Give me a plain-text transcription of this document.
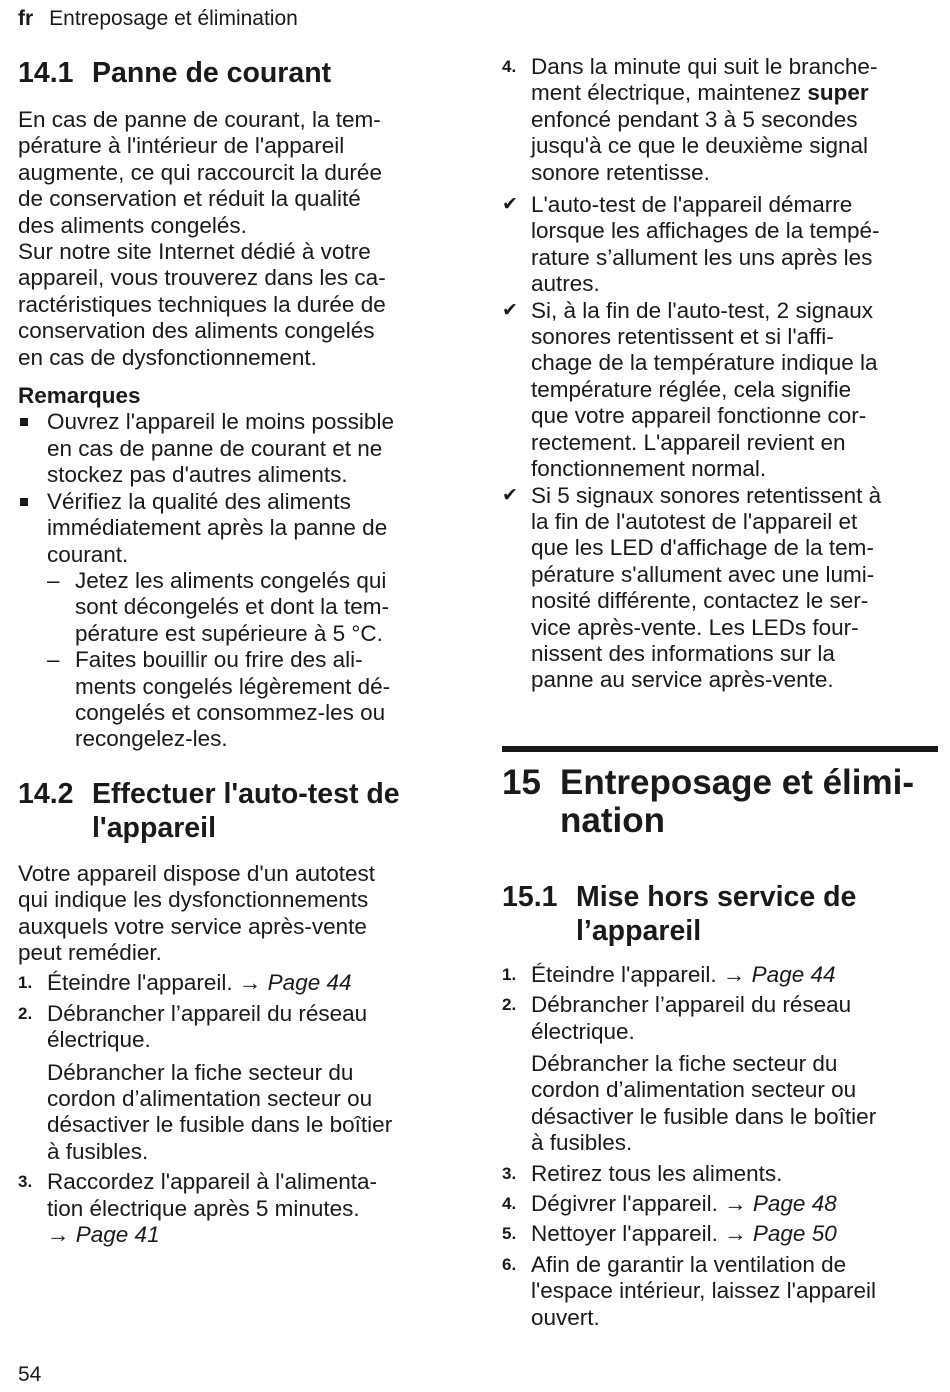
fr Entreposage et élimination
14.1 Panne de courant

En cas de panne de courant, la tem-
pérature à l'intérieur de l'appareil
augmente, ce qui raccourcit la durée
de conservation et réduit la qualité
des aliments congelés.

Sur notre site Internet dédié à votre
appareil, vous trouverez dans les ca-
ractéristiques techniques la durée de
conservation des aliments congelés
en cas de dysfonctionnement.

Remarques
Ouvrez l'appareil le moins possible
en cas de panne de courant et ne
stockez pas d'autres aliments.
Vérifiez la qualité des aliments
immédiatement après la panne de
courant.
– Jetez les aliments congelés qui
sont décongelés et dont la tem-
pérature est supérieure à 5 °C.
– Faites bouillir ou frire des ali-
ments congelés légèrement dé-
congelés et consommez-les ou
recongelez-les.
14.2 Effectuer l'auto-test de
l'appareil

Votre appareil dispose d'un autotest
qui indique les dysfonctionnements
auxquels votre service après-vente
peut remédier.

1. Éteindre l'appareil. → Page 44
2. Débrancher l’appareil du réseau
électrique.

Débrancher la fiche secteur du
cordon d’alimentation secteur ou
désactiver le fusible dans le boîtier
à fusibles.

3. Raccordez l'appareil à l'alimenta-
tion électrique après 5 minutes.
→ Page 41
4. Dans la minute qui suit le branche-
ment électrique, maintenez super
enfoncé pendant 3 à 5 secondes
jusqu'à ce que le deuxième signal
sonore retentisse.
✔ L'auto-test de l'appareil démarre
lorsque les affichages de la tempé-
rature s’allument les uns après les
autres.
✔ Si, à la fin de l'auto-test, 2 signaux
sonores retentissent et si l'affi-
chage de la température indique la
température réglée, cela signifie
que votre appareil fonctionne cor-
rectement. L'appareil revient en
fonctionnement normal.
✔ Si 5 signaux sonores retentissent à
la fin de l'autotest de l'appareil et
que les LED d'affichage de la tem-
pérature s'allument avec une lumi-
nosité différente, contactez le ser-
vice après-vente. Les LEDs four-
nissent des informations sur la
panne au service après-vente.
15 Entreposage et élimi-
nation
15.1 Mise hors service de
l’appareil
1. Éteindre l'appareil. → Page 44
2. Débrancher l’appareil du réseau
électrique.

Débrancher la fiche secteur du
cordon d’alimentation secteur ou
désactiver le fusible dans le boîtier
à fusibles.

3. Retirez tous les aliments.
4. Dégivrer l'appareil. → Page 48
5. Nettoyer l'appareil. → Page 50
6. Afin de garantir la ventilation de
l'espace intérieur, laissez l'appareil
ouvert.
54
